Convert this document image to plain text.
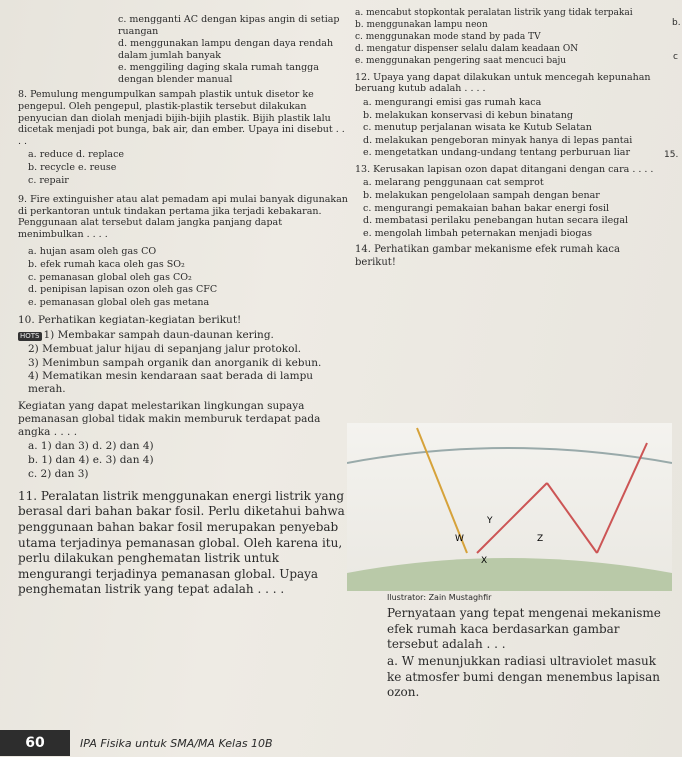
c. mengganti AC dengan kipas angin di setiap ruangan
d. menggunakan lampu dengan daya rendah dalam jumlah banyak
e. menggiling daging skala rumah tangga dengan blender manual
8. Pemulung mengumpulkan sampah plastik untuk disetor ke pengepul. Oleh pengepul, plastik-plastik tersebut dilakukan penyucian dan diolah menjadi bijih-bijih plastik. Bijih plastik lalu dicetak menjadi pot bunga, bak air, dan ember. Upaya ini disebut . . . .
a. reduce d. replace
b. recycle e. reuse
c. repair
9. Fire extinguisher atau alat pemadam api mulai banyak digunakan di perkantoran untuk tindakan pertama jika terjadi kebakaran. Penggunaan alat tersebut dalam jangka panjang dapat menimbulkan . . . .
a. hujan asam oleh gas CO
b. efek rumah kaca oleh gas SO₂
c. pemanasan global oleh gas CO₂
d. penipisan lapisan ozon oleh gas CFC
e. pemanasan global oleh gas metana
10. Perhatikan kegiatan-kegiatan berikut!
HOTS 1) Membakar sampah daun-daunan kering.
2) Membuat jalur hijau di sepanjang jalur protokol.
3) Menimbun sampah organik dan anorganik di kebun.
4) Mematikan mesin kendaraan saat berada di lampu merah.
Kegiatan yang dapat melestarikan lingkungan supaya pemanasan global tidak makin memburuk terdapat pada angka . . . .
a. 1) dan 3) d. 2) dan 4)
b. 1) dan 4) e. 3) dan 4)
c. 2) dan 3)
11. Peralatan listrik menggunakan energi listrik yang berasal dari bahan bakar fosil. Perlu diketahui bahwa penggunaan bahan bakar fosil merupakan penyebab utama terjadinya pemanasan global. Oleh karena itu, perlu dilakukan penghematan listrik untuk mengurangi terjadinya pemanasan global. Upaya penghematan listrik yang tepat adalah . . . .
a. mencabut stopkontak peralatan listrik yang tidak terpakai
b. menggunakan lampu neon
c. menggunakan mode stand by pada TV
d. mengatur dispenser selalu dalam keadaan ON
e. menggunakan pengering saat mencuci baju
12. Upaya yang dapat dilakukan untuk mencegah kepunahan beruang kutub adalah . . . .
a. mengurangi emisi gas rumah kaca
b. melakukan konservasi di kebun binatang
c. menutup perjalanan wisata ke Kutub Selatan
d. melakukan pengeboran minyak hanya di lepas pantai
e. mengetatkan undang-undang tentang perburuan liar
13. Kerusakan lapisan ozon dapat ditangani dengan cara . . . .
a. melarang penggunaan cat semprot
b. melakukan pengelolaan sampah dengan benar
c. mengurangi pemakaian bahan bakar energi fosil
d. membatasi perilaku penebangan hutan secara ilegal
e. mengolah limbah peternakan menjadi biogas
14. Perhatikan gambar mekanisme efek rumah kaca berikut!
W
X
Y
Z
Ilustrator: Zain Mustaghfir
Pernyataan yang tepat mengenai mekanisme efek rumah kaca berdasarkan gambar tersebut adalah . . .
a. W menunjukkan radiasi ultraviolet masuk ke atmosfer bumi dengan menembus lapisan ozon.
b.
c
15.
60	IPA Fisika untuk SMA/MA Kelas 10B
